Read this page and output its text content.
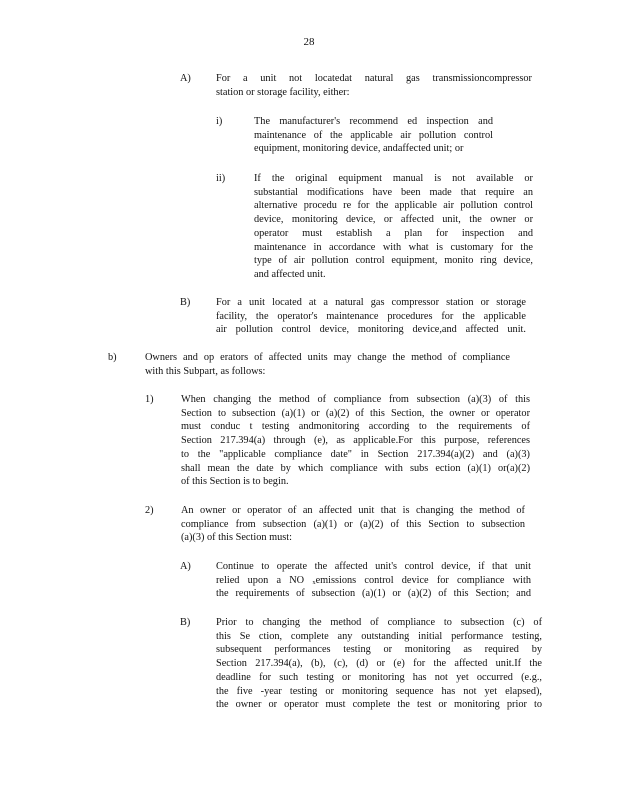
28
A) For a unit not locatedat natural gas transmissioncompressor
station or storage facility, either:
i)	The manufacturer's recommend ed inspection and
maintenance of the applicable air pollution control
equipment, monitoring device, andaffected unit; or
ii)	If the original equipment manual is not available or
substantial modifications have been made that require an
alternative procedu re for the applicable air pollution control
device, monitoring device, or affected unit, the owner or
operator must establish a plan for inspection and
maintenance in accordance with what is customary for the
type of air pollution control equipment, monito ring device,
and affected unit.
B) For a unit located at a natural gas compressor station or storage
facility, the operator's maintenance procedures for the applicable
air pollution control device, monitoring device,and affected unit.
b)	Owners and op erators of affected units may change the method of compliance
with this Subpart, as follows:
1)	When changing the method of compliance from subsection (a)(3) of this
Section to subsection (a)(1) or (a)(2) of this Section, the owner or operator
must conduc t testing andmonitoring according to the requirements of
Section 217.394(a) through (e), as applicable.For this purpose, references
to the "applicable compliance date" in Section 217.394(a)(2) and (a)(3)
shall mean the date by which compliance with subs ection (a)(1) or(a)(2)
of this Section is to begin.
2)	An owner or operator of an affected unit that is changing the method of
compliance from subsection (a)(1) or (a)(2) of this Section to subsection
(a)(3) of this Section must:
A) Continue to operate the affected unit's control device, if that unit
relied upon a NO $_x$emissions control device for compliance with
the requirements of subsection (a)(1) or (a)(2) of this Section; and
B) Prior to changing the method of compliance to subsection (c) of
this Se ction, complete any outstanding initial performance testing,
subsequent performances testing or monitoring as required by
Section 217.394(a), (b), (c), (d) or (e) for the affected unit.If the
deadline for such testing or monitoring has not yet occurred (e.g.,
the five -year testing or monitoring sequence has not yet elapsed),
the owner or operator must complete the test or monitoring prior to
